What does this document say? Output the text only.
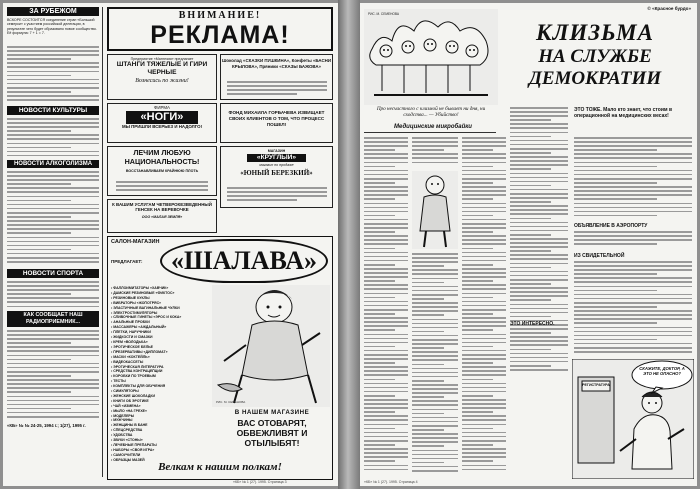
ЗА РУБЕЖОМ
ВСКОРЕ СОСТОИТСЯ соединение стран «Большой семерки» с участием российской делегации, в результате чего будет образовано новое сообщество. Её формула: 7 + 1 = 7.
НОВОСТИ КУЛЬТУРЫ
НОВОСТИ АЛКОГОЛИЗМА
НОВОСТИ СПОРТА
КАК СООБЩАЕТ НАШ РАДИОПРИЕМНИК...
«КБ» № № 24-25, 1994 г.; 1(27), 1995 г.
ВНИМАНИЕ!
РЕКЛАМА!
Предприятие «Магнезия» предлагает
ШТАНГИ ТЯЖЕЛЫЕ И ГИРИ ЧЕРНЫЕ
Вознесись по жизни!
Шоколад «СКАЗКИ ПУШКИНА», Конфеты «БАСНИ КРЫЛОВА», Пряники «СКАЗЫ БАЖОВА»
ФИРМА
«НОГИ»
МЫ ПРИШЛИ ВСЕРЬЕЗ И НАДОЛГО!
ФОНД МИХАИЛА ГОРБАЧЕВА ИЗВИЩАЕТ СВОИХ КЛИЕНТОВ О ТОМ, ЧТО ПРОЦЕСС ПОШЕЛ!
ЛЕЧИМ ЛЮБУЮ НАЦИОНАЛЬНОСТЬ!
ВОССТАНАВЛИВАЕМ КРАЙНЮЮ ПЛОТЬ
МАГАЗИН
«КРУГЛЫЙ»
магазин по продаже
«ЮНЫЙ БЕРЕЗКИЙ»
К ВАШИМ УСЛУГАМ ЧЕТВЕРОКЕЗВЕДЕННЫЙ ГЕНСЕК НА ВЕРЕВОЧКЕ
ООО «МАЛАЯ ЗЕМЛЯ»
САЛОН-МАГАЗИН
«ШАЛАВА»
ПРЕДЛАГАЕТ:
• ФАЛЛОИМИТАТОРЫ «ХАВЧИК»
• ДАМСКИЕ РЕЗИНОВЫЕ «ФИКТОС»
• РЕЗИНОВЫЕ КУКЛЫ
• ВИБРАТОРЫ «ЖОПОТРЯС»
• ЭЛАСТИЧНЫЕ ВАГИНАЛЬНЫЕ ЧУЛКИ
• ЭЛЕКТРОСТИМУЛЯТОРЫ
• СЛИВОЧНЫЕ ГИНЕТЫ «ЭРОС И КОКА»
• АНАЛЬНЫЕ ПРОБКИ
• МАССАЖЕРЫ «АЖДАЛЬНЫЙ»
• ПЛЕТКИ, НАРУЧНИКИ
• ЖИДКОСТИ И СМАЗКИ
• КРЕМ «ВОЛОДЬКА»
• ЭРОТИЧЕСКОЕ БЕЛЬЕ
• ПРЕЗЕРВАТИВЫ «ДИПЛОМАТ»
• МАСКИ «КОКТЕЙЛЬ»
• ВИДЕОКАССЕТЫ
• ЭРОТИЧЕСКАЯ ЛИТЕРАТУРА
• СРЕДСТВА КОНТРАЦЕПЦИИ
• КОРОБКИ ПО ТРОЕВЫМ
• ТЕСТЫ
• КОМПЛЕКТЫ ДЛЯ ОБУЧЕНИЯ
• СИМУЛЯТОРЫ
• ЖЕНСКИЕ ШОКОЛАДКИ
• КНИГИ ОБ ЭРОТИКЕ
• ЧАЙ «ИЗМЕНА»
• МЫЛО «НА ГРЕХЕ»
• МОДЕЛЕРЫ
• МУЖЧИНЫ
• ЖЕНЩИНЫ В БАНЕ
• СПЕЦСРЕДСТВА
• УДОБСТВА
• ЗВУКИ «СТОНЫ»
• ЛЕЧЕБНЫЕ ПРЕПАРАТЫ
• НАБОРЫ «СВОЯ ИГРА»
• САМОУЧИТЕЛИ
• ОБРАЗЦЫ МАЗЕЙ
РИС. М. СЕМЕНОВА
В НАШЕМ МАГАЗИНЕ
ВАС ОТОВАРЯТ, ОБВЕЖЛИВЯТ И ОТЫЛЫБЯТ!
Велкам к нашим полкам!
«КБ» № 1 (27). 1995. Страница 3
© «Красное бурдо»
РИС. М. СЕМЕНОВА
КЛИЗЬМА
НА СЛУЖБЕ
ДЕМОКРАТИИ
Про несчастного с клизмой не бывает ни дня, ни сходства... — Убийство!
Медицинские микробайки
ЭТО ИНТЕРЕСНО.
ЭТО ТОЖЕ. Мало кто знает, что стоим в операционной на медицинских весах!
ОБЪЯВЛЕНИЕ В АЭРОПОРТУ
ИЗ СВИДЕТЕЛЬНОЙ
РЕГИСТРАТУРА
СКАЖИТЕ, ДОКТОР, А ЭТО НЕ ОПАСНО?
«КБ» № 1 (27). 1995. Страница 4
